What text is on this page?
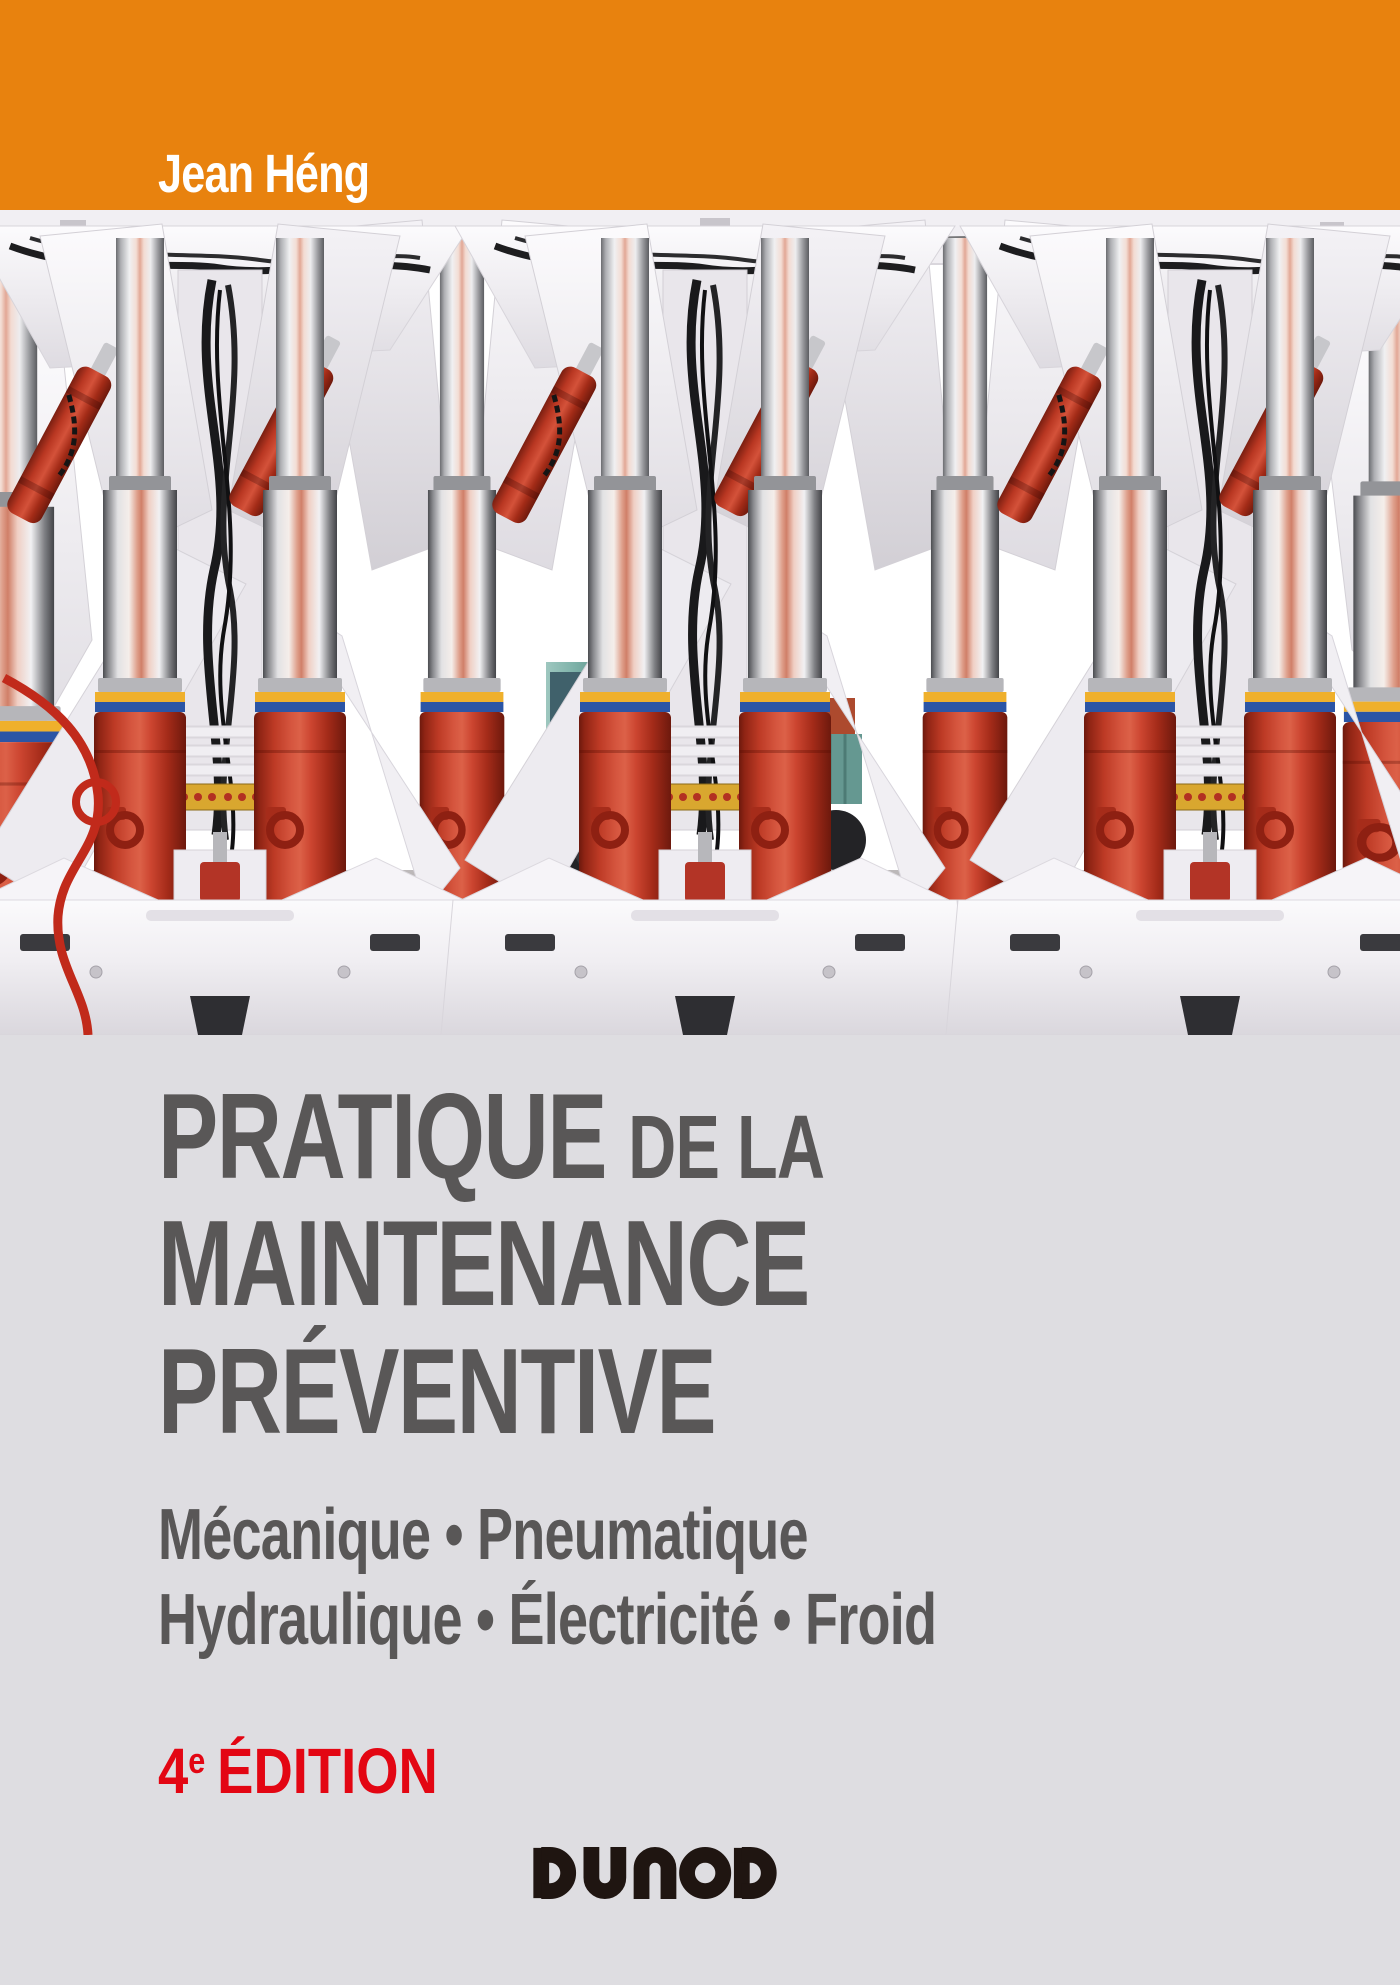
Jean Héng
PRATIQUE DE LA
MAINTENANCE
PRÉVENTIVE
Mécanique • Pneumatique
Hydraulique • Électricité • Froid
4e ÉDITION
